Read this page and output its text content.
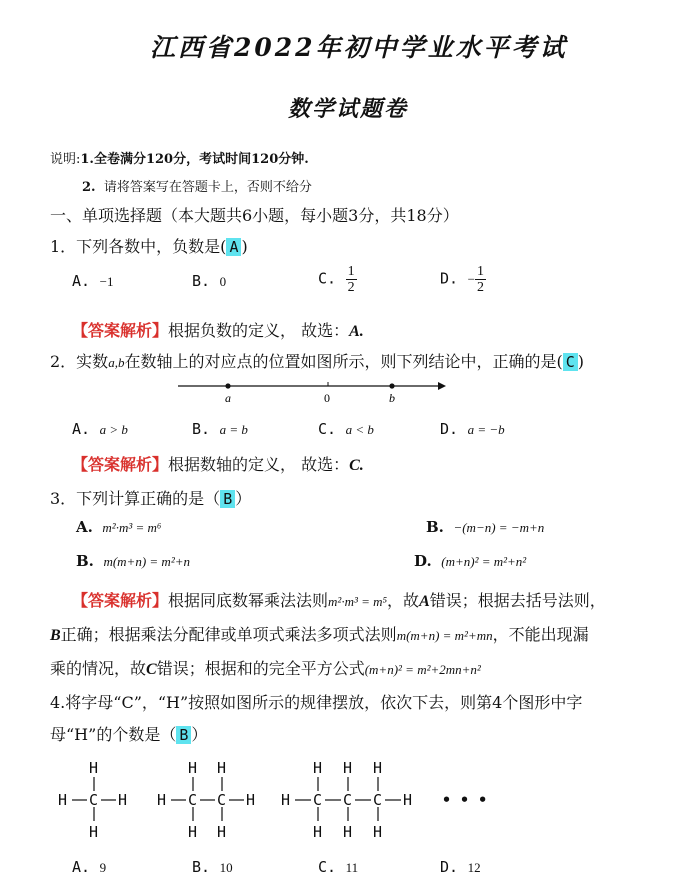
江西省2022年初中学业水平考试
数学试题卷
说明:1.全卷满分120分，考试时间120分钟.
2. 请将答案写在答题卡上，否则不给分
一、单项选择题（本大题共6小题，每小题3分，共18分）
1．下列各数中，负数是( A )
A. −1	B. 0	C. $\frac{1}{2}$	D. − $\frac{1}{2}$
【答案解析】根据负数的定义， 故选：A.
2．实数a,b在数轴上的对应点的位置如图所示，则下列结论中，正确的是( C )
a	0	b
A. a > b	B. a = b	C. a < b	D. a = −b
【答案解析】根据数轴的定义， 故选：C.
3．下列计算正确的是（ B ）
A. m²·m³ = m⁶	B. −(m−n) = −m+n
B. m(m+n) = m²+n	D. (m+n)² = m²+n²
【答案解析】根据同底数幂乘法法则m²·m³ = m⁵，故A错误；根据去括号法则，
B正确；根据乘法分配律或单项式乘法多项式法则m(m+n) = m²+mn，不能出现漏
乘的情况，故C错误；根据和的完全平方公式(m+n)² = m²+2mn+n²
4.将字母“C”，“H”按照如图所示的规律摆放，依次下去，则第4个图形中字
母“H”的个数是（ B ）
H
C
H
H	H H
H
C
H
H
C
H
H H
H
C
H
H
C
H
H
C
H
H • • •
A. 9	B. 10	C. 11	D. 12
